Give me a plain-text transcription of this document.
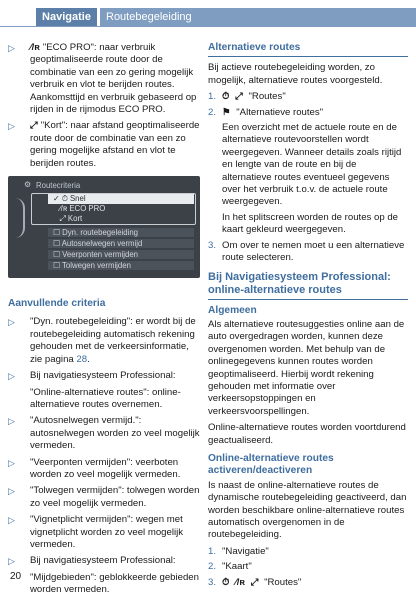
Navigatie	Routebegeleiding
▷ ∕/ʀ "ECO PRO": naar verbruik geoptimaliseerde route door de combinatie van een zo gering mogelijk verbruik en vlot te berijden routes. Aankomsttijd en verbruik gebaseerd op rijden in de rijmodus ECO PRO.
▷ ⤢ "Kort": naar afstand geoptimaliseerde route door de combinatie van een zo gering mogelijke afstand en vlot te berijden routes.
⚙ Routecriteria
✓ ⏱ Snel
∕/ʀ ECO PRO
⤢ Kort
☐ Dyn. routebegeleiding
☐ Autosnelwegen vermijd
☐ Veerponten vermijden
☐ Tolwegen vermijden
Aanvullende criteria
▷ "Dyn. routebegeleiding": er wordt bij de routebegeleiding automatisch rekening gehouden met de verkeersinformatie, zie pagina 28.
▷ Bij navigatiesysteem Professional:
"Online-alternatieve routes": online-alternatieve routes overnemen.
▷ "Autosnelwegen vermijd.": autosnelwegen worden zo veel mogelijk vermeden.
▷ "Veerponten vermijden": veerboten worden zo veel mogelijk vermeden.
▷ "Tolwegen vermijden": tolwegen worden zo veel mogelijk vermeden.
▷ "Vignetplicht vermijden": wegen met vignetplicht worden zo veel mogelijk vermeden.
▷ Bij navigatiesysteem Professional:
"Mijdgebieden": geblokkeerde gebieden worden vermeden.
Alternatieve routes

Bij actieve routebegeleiding worden, zo mogelijk, alternatieve routes voorgesteld.

1. ⏱ ⤢ "Routes"
2. ⚑ "Alternatieve routes"
Een overzicht met de actuele route en de alternatieve routevoorstellen wordt weergegeven. Wanneer details zoals rijtijd en lengte van de route en bij de alternatieve routes eventueel gegevens over het verbruik t.o.v. de actuele route weergegeven.
In het splitscreen worden de routes op de kaart gekleurd weergegeven.
3. Om over te nemen moet u een alternatieve route selecteren.
Bij Navigatiesysteem Professional: online-alternatieve routes
Algemeen

Als alternatieve routesuggesties online aan de auto overgedragen worden, kunnen deze overgenomen worden. Met behulp van de onlinegegevens kunnen routes worden geoptimaliseerd. Hierbij wordt rekening gehouden met informatie over verkeersopstoppingen en verkeersvoorspellingen.

Online-alternatieve routes worden voortdurend geactualiseerd.

Online-alternatieve routes activeren/deactiveren

Is naast de online-alternatieve routes de dynamische routebegeleiding geactiveerd, dan worden beschikbare online-alternatieve routes automatisch overgenomen in de routebegeleiding.

1. "Navigatie"
2. "Kaart"
3. ⏱ ∕/ʀ ⤢ "Routes"
20
